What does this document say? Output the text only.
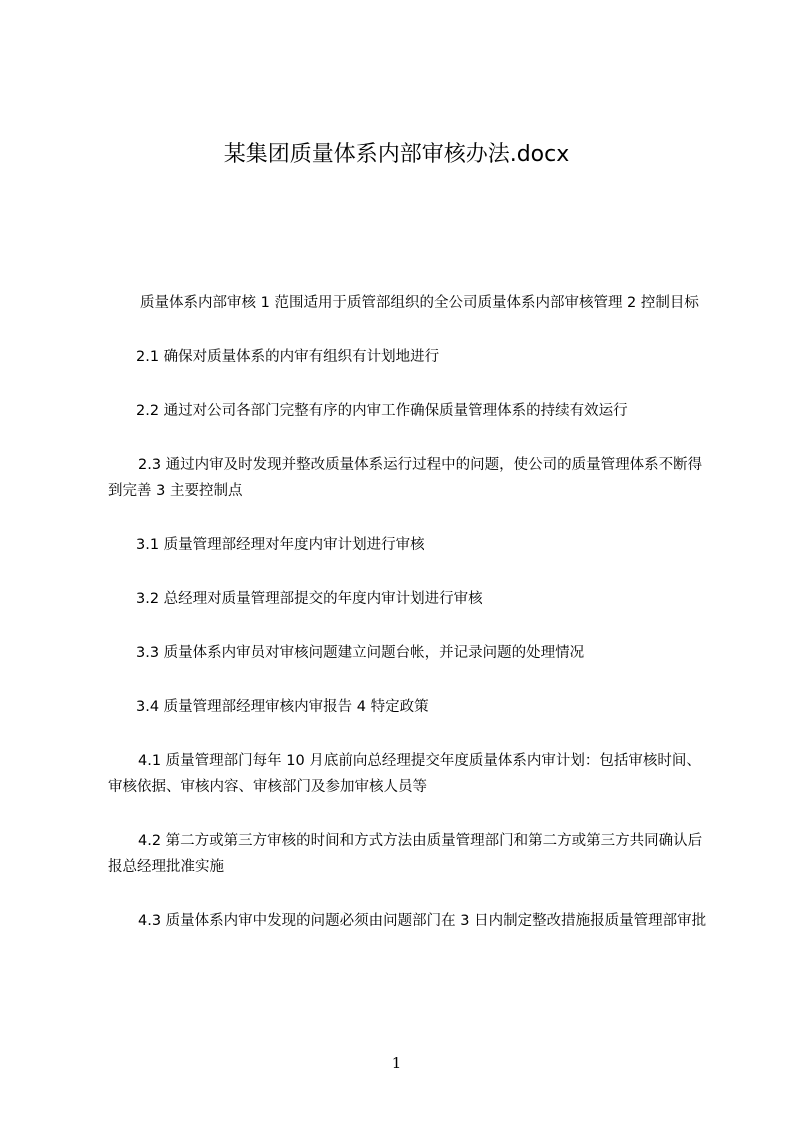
某集团质量体系内部审核办法.docx

质量体系内部审核 1 范围适用于质管部组织的全公司质量体系内部审核管理 2 控制目标

2.1 确保对质量体系的内审有组织有计划地进行

2.2 通过对公司各部门完整有序的内审工作确保质量管理体系的持续有效运行

2.3 通过内审及时发现并整改质量体系运行过程中的问题，使公司的质量管理体系不断得到完善 3 主要控制点

3.1 质量管理部经理对年度内审计划进行审核

3.2 总经理对质量管理部提交的年度内审计划进行审核

3.3 质量体系内审员对审核问题建立问题台帐，并记录问题的处理情况

3.4 质量管理部经理审核内审报告 4 特定政策

4.1 质量管理部门每年 10 月底前向总经理提交年度质量体系内审计划：包括审核时间、审核依据、审核内容、审核部门及参加审核人员等

4.2 第二方或第三方审核的时间和方式方法由质量管理部门和第二方或第三方共同确认后报总经理批准实施

4.3 质量体系内审中发现的问题必须由问题部门在 3 日内制定整改措施报质量管理部审批

1
